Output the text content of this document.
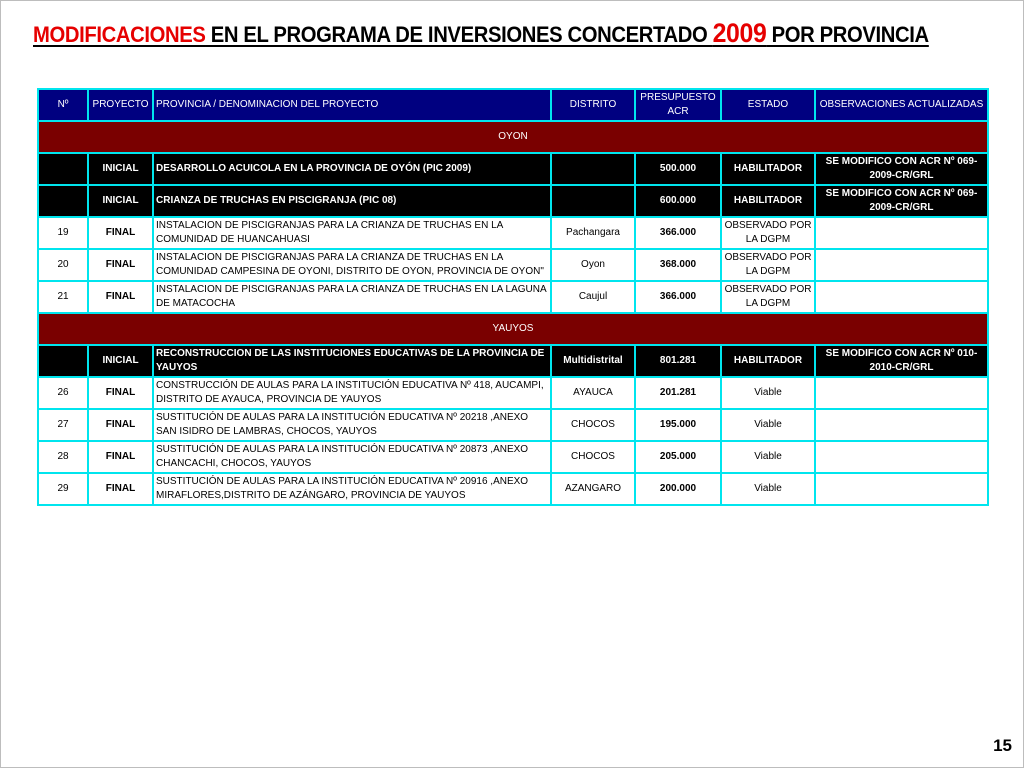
MODIFICACIONES EN EL PROGRAMA DE INVERSIONES CONCERTADO 2009 POR PROVINCIA
Nº	PROYECTO	PROVINCIA / DENOMINACION DEL PROYECTO	DISTRITO	PRESUPUESTO ACR	ESTADO	OBSERVACIONES ACTUALIZADAS
OYON						
	INICIAL	DESARROLLO ACUICOLA EN LA PROVINCIA DE OYÓN (PIC 2009)		500.000	HABILITADOR	SE MODIFICO CON ACR Nº 069-2009-CR/GRL
	INICIAL	CRIANZA DE TRUCHAS EN PISCIGRANJA (PIC 08)		600.000	HABILITADOR	SE MODIFICO CON ACR Nº 069-2009-CR/GRL
19	FINAL	INSTALACION DE PISCIGRANJAS PARA LA CRIANZA DE TRUCHAS EN LA COMUNIDAD DE HUANCAHUASI	Pachangara	366.000	OBSERVADO POR LA DGPM	
20	FINAL	INSTALACION DE PISCIGRANJAS PARA LA CRIANZA DE TRUCHAS EN LA COMUNIDAD CAMPESINA DE OYONI, DISTRITO DE OYON, PROVINCIA DE OYON"	Oyon	368.000	OBSERVADO POR LA DGPM	
21	FINAL	INSTALACION DE PISCIGRANJAS PARA LA CRIANZA DE TRUCHAS EN LA LAGUNA DE MATACOCHA	Caujul	366.000	OBSERVADO POR LA DGPM	
YAUYOS						
	INICIAL	RECONSTRUCCION DE LAS INSTITUCIONES EDUCATIVAS DE LA PROVINCIA DE YAUYOS	Multidistrital	801.281	HABILITADOR	SE MODIFICO CON ACR Nº 010-2010-CR/GRL
26	FINAL	CONSTRUCCIÓN DE AULAS PARA LA INSTITUCIÓN EDUCATIVA Nº 418, AUCAMPI, DISTRITO DE AYAUCA, PROVINCIA DE YAUYOS	AYAUCA	201.281	Viable	
27	FINAL	SUSTITUCIÓN DE AULAS PARA LA INSTITUCIÓN EDUCATIVA Nº 20218 ,ANEXO SAN ISIDRO DE LAMBRAS, CHOCOS, YAUYOS	CHOCOS	195.000	Viable	
28	FINAL	SUSTITUCIÓN DE AULAS PARA LA INSTITUCIÓN EDUCATIVA Nº 20873 ,ANEXO CHANCACHI, CHOCOS, YAUYOS	CHOCOS	205.000	Viable	
29	FINAL	SUSTITUCIÓN DE AULAS PARA LA INSTITUCIÓN EDUCATIVA Nº 20916 ,ANEXO MIRAFLORES,DISTRITO DE AZÁNGARO, PROVINCIA DE YAUYOS	AZANGARO	200.000	Viable	
15
